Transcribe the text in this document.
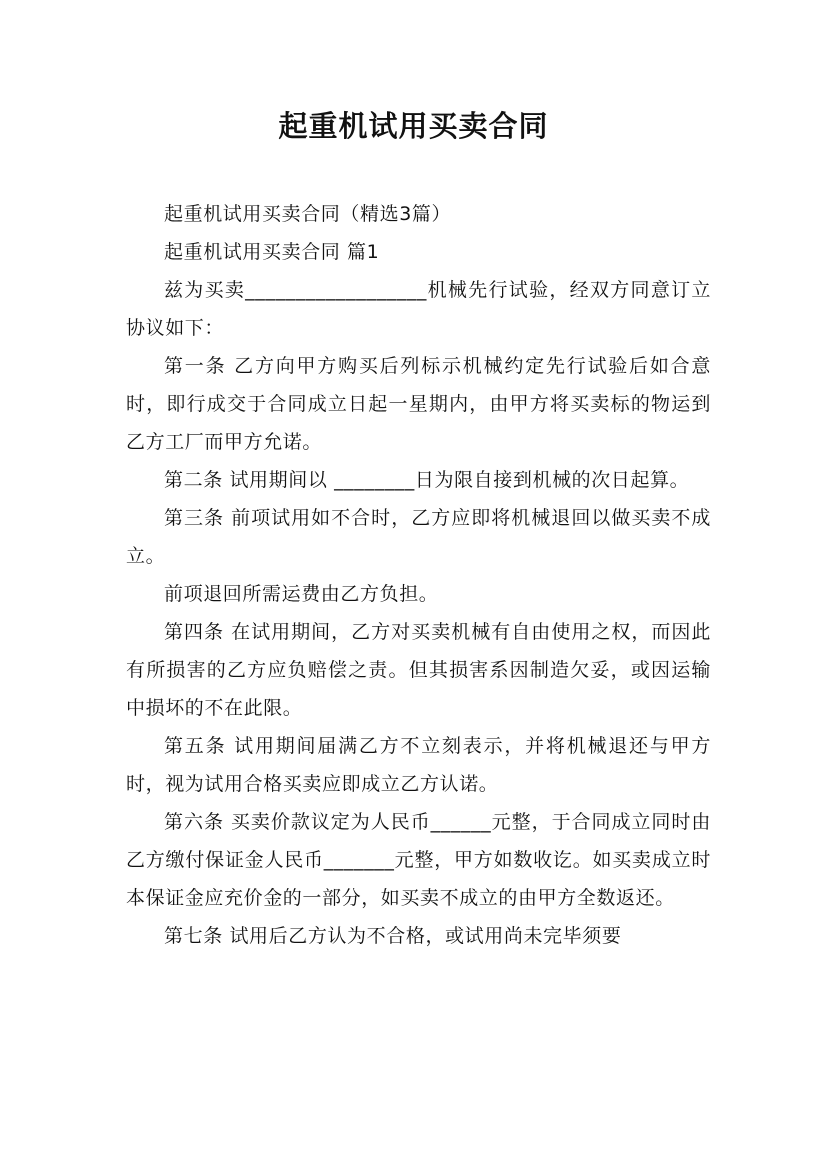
起重机试用买卖合同

起重机试用买卖合同（精选3篇）

起重机试用买卖合同 篇1

兹为买卖__________________机械先行试验，经双方同意订立协议如下：

第一条 乙方向甲方购买后列标示机械约定先行试验后如合意时，即行成交于合同成立日起一星期内，由甲方将买卖标的物运到乙方工厂而甲方允诺。

第二条 试用期间以 ________日为限自接到机械的次日起算。

第三条 前项试用如不合时，乙方应即将机械退回以做买卖不成立。

前项退回所需运费由乙方负担。

第四条 在试用期间，乙方对买卖机械有自由使用之权，而因此有所损害的乙方应负赔偿之责。但其损害系因制造欠妥，或因运输中损坏的不在此限。

第五条 试用期间届满乙方不立刻表示，并将机械退还与甲方时，视为试用合格买卖应即成立乙方认诺。

第六条 买卖价款议定为人民币______元整，于合同成立同时由乙方缴付保证金人民币_______元整，甲方如数收讫。如买卖成立时本保证金应充价金的一部分，如买卖不成立的由甲方全数返还。

第七条 试用后乙方认为不合格，或试用尚未完毕须要
